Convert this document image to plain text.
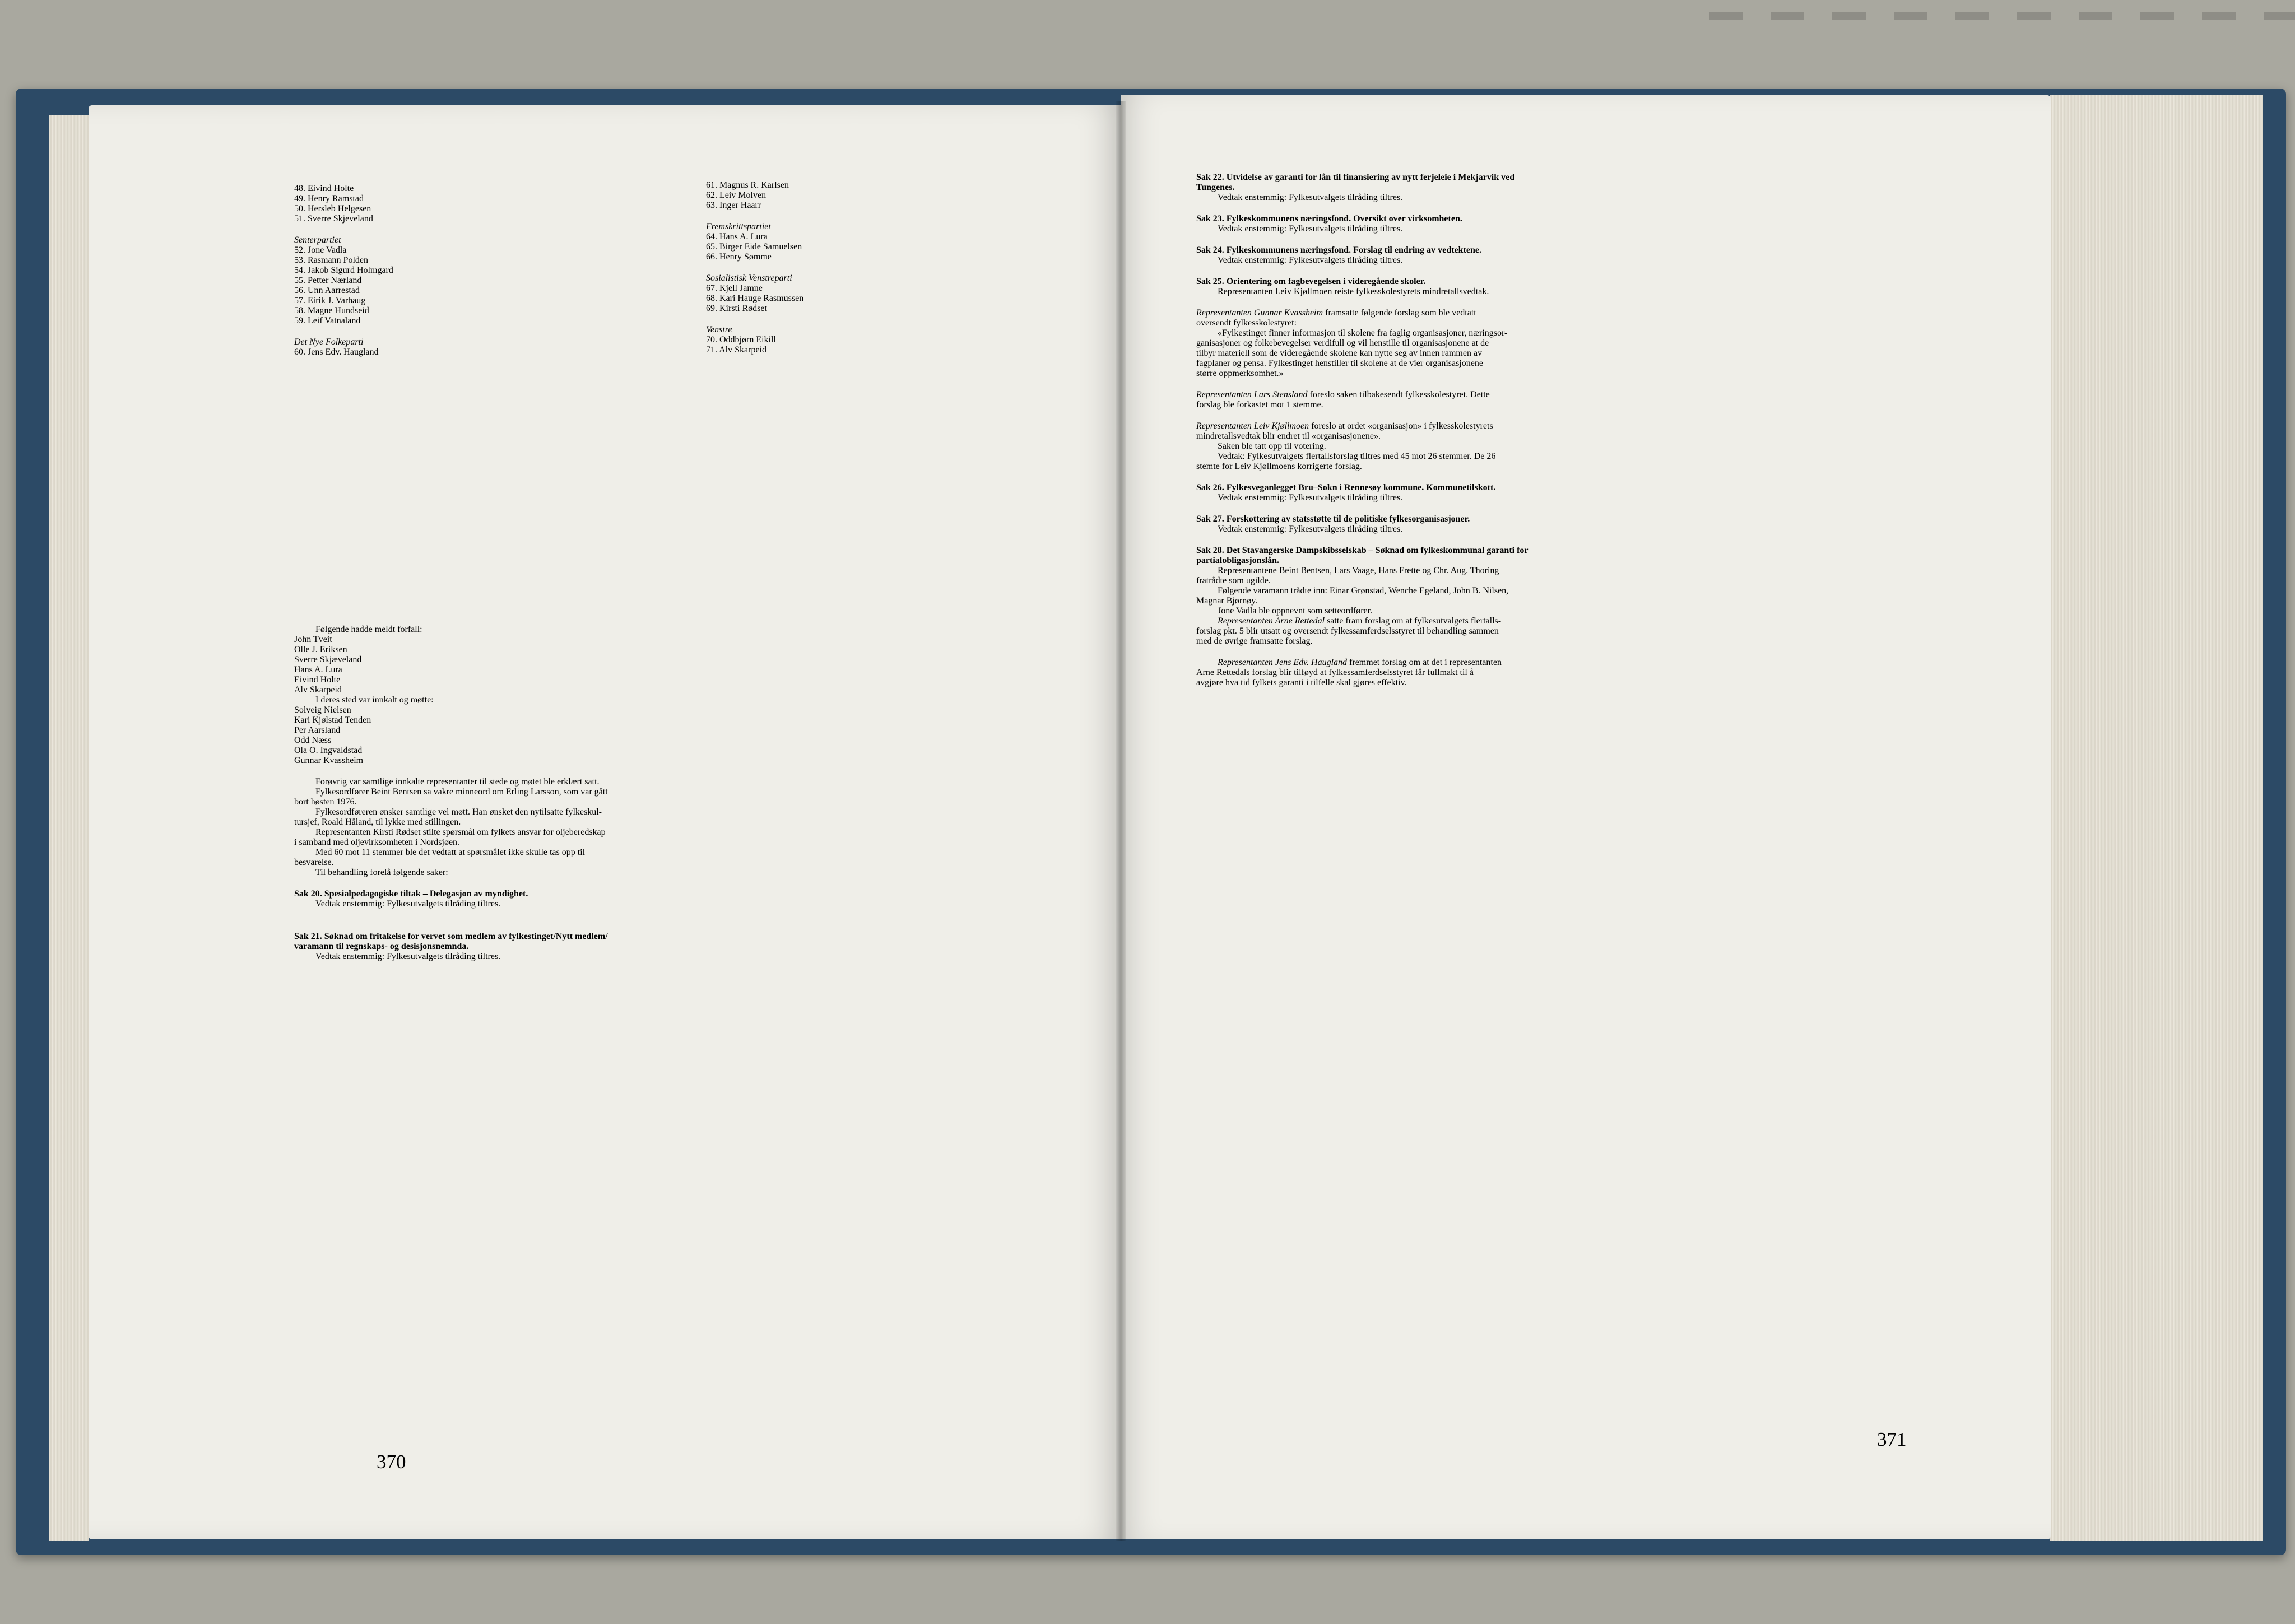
48. Eivind Holte
49. Henry Ramstad
50. Hersleb Helgesen
51. Sverre Skjeveland
Senterpartiet
52. Jone Vadla
53. Rasmann Polden
54. Jakob Sigurd Holmgard
55. Petter Nærland
56. Unn Aarrestad
57. Eirik J. Varhaug
58. Magne Hundseid
59. Leif Vatnaland
Det Nye Folkeparti
60. Jens Edv. Haugland
61. Magnus R. Karlsen
62. Leiv Molven
63. Inger Haarr
Fremskrittspartiet
64. Hans A. Lura
65. Birger Eide Samuelsen
66. Henry Sømme
Sosialistisk Venstreparti
67. Kjell Jamne
68. Kari Hauge Rasmussen
69. Kirsti Rødset
Venstre
70. Oddbjørn Eikill
71. Alv Skarpeid
Følgende hadde meldt forfall:
John Tveit
Olle J. Eriksen
Sverre Skjæveland
Hans A. Lura
Eivind Holte
Alv Skarpeid
I deres sted var innkalt og møtte:
Solveig Nielsen
Kari Kjølstad Tenden
Per Aarsland
Odd Næss
Ola O. Ingvaldstad
Gunnar Kvassheim
Forøvrig var samtlige innkalte representanter til stede og møtet ble erklært satt.
Fylkesordfører Beint Bentsen sa vakre minneord om Erling Larsson, som var gått
bort høsten 1976.
Fylkesordføreren ønsker samtlige vel møtt. Han ønsket den nytilsatte fylkeskul-
tursjef, Roald Håland, til lykke med stillingen.
Representanten Kirsti Rødset stilte spørsmål om fylkets ansvar for oljeberedskap
i samband med oljevirksomheten i Nordsjøen.
Med 60 mot 11 stemmer ble det vedtatt at spørsmålet ikke skulle tas opp til
besvarelse.
Til behandling forelå følgende saker:
Sak 20. Spesialpedagogiske tiltak – Delegasjon av myndighet.
Vedtak enstemmig: Fylkesutvalgets tilråding tiltres.
Sak 21. Søknad om fritakelse for vervet som medlem av fylkestinget/Nytt medlem/
varamann til regnskaps- og desisjonsnemnda.
Vedtak enstemmig: Fylkesutvalgets tilråding tiltres.
370
Sak 22. Utvidelse av garanti for lån til finansiering av nytt ferjeleie i Mekjarvik ved
Tungenes.
Vedtak enstemmig: Fylkesutvalgets tilråding tiltres.
Sak 23. Fylkeskommunens næringsfond. Oversikt over virksomheten.
Vedtak enstemmig: Fylkesutvalgets tilråding tiltres.
Sak 24. Fylkeskommunens næringsfond. Forslag til endring av vedtektene.
Vedtak enstemmig: Fylkesutvalgets tilråding tiltres.
Sak 25. Orientering om fagbevegelsen i videregående skoler.
Representanten Leiv Kjøllmoen reiste fylkesskolestyrets mindretallsvedtak.
Representanten Gunnar Kvassheim framsatte følgende forslag som ble vedtatt
oversendt fylkesskolestyret:
«Fylkestinget finner informasjon til skolene fra faglig organisasjoner, næringsor-
ganisasjoner og folkebevegelser verdifull og vil henstille til organisasjonene at de
tilbyr materiell som de videregående skolene kan nytte seg av innen rammen av
fagplaner og pensa. Fylkestinget henstiller til skolene at de vier organisasjonene
større oppmerksomhet.»
Representanten Lars Stensland foreslo saken tilbakesendt fylkesskolestyret. Dette
forslag ble forkastet mot 1 stemme.
Representanten Leiv Kjøllmoen foreslo at ordet «organisasjon» i fylkesskolestyrets
mindretallsvedtak blir endret til «organisasjonene».
Saken ble tatt opp til votering.
Vedtak: Fylkesutvalgets flertallsforslag tiltres med 45 mot 26 stemmer. De 26
stemte for Leiv Kjøllmoens korrigerte forslag.
Sak 26. Fylkesveganlegget Bru–Sokn i Rennesøy kommune. Kommunetilskott.
Vedtak enstemmig: Fylkesutvalgets tilråding tiltres.
Sak 27. Forskottering av statsstøtte til de politiske fylkesorganisasjoner.
Vedtak enstemmig: Fylkesutvalgets tilråding tiltres.
Sak 28. Det Stavangerske Dampskibsselskab – Søknad om fylkeskommunal garanti for
partialobligasjonslån.
Representantene Beint Bentsen, Lars Vaage, Hans Frette og Chr. Aug. Thoring
fratrådte som ugilde.
Følgende varamann trådte inn: Einar Grønstad, Wenche Egeland, John B. Nilsen,
Magnar Bjørnøy.
Jone Vadla ble oppnevnt som setteordfører.
Representanten Arne Rettedal satte fram forslag om at fylkesutvalgets flertalls-
forslag pkt. 5 blir utsatt og oversendt fylkessamferdselsstyret til behandling sammen
med de øvrige framsatte forslag.
Representanten Jens Edv. Haugland fremmet forslag om at det i representanten
Arne Rettedals forslag blir tilføyd at fylkessamferdselsstyret får fullmakt til å
avgjøre hva tid fylkets garanti i tilfelle skal gjøres effektiv.
371
